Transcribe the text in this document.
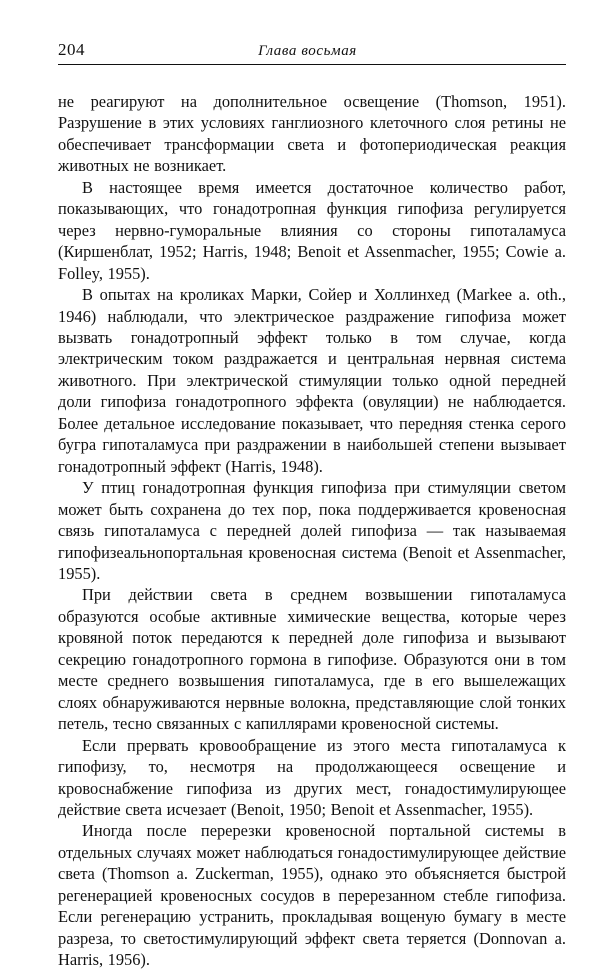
204	Глава восьмая

не реагируют на дополнительное освещение (Thomson, 1951). Разрушение в этих условиях ганглиозного клеточного слоя ретины не обеспечивает трансформации света и фотопериодическая реакция животных не возникает.

В настоящее время имеется достаточное количество работ, показывающих, что гонадотропная функция гипофиза регулируется через нервно-гуморальные влияния со стороны гипоталамуса (Киршенблат, 1952; Harris, 1948; Benoit et Assenmacher, 1955; Cowie a. Folley, 1955).

В опытах на кроликах Марки, Сойер и Холлинхед (Markee a. oth., 1946) наблюдали, что электрическое раздражение гипофиза может вызвать гонадотропный эффект только в том случае, когда электрическим током раздражается и центральная нервная система животного. При электрической стимуляции только одной передней доли гипофиза гонадотропного эффекта (овуляции) не наблюдается. Более детальное исследование показывает, что передняя стенка серого бугра гипоталамуса при раздражении в наибольшей степени вызывает гонадотропный эффект (Harris, 1948).

У птиц гонадотропная функция гипофиза при стимуляции светом может быть сохранена до тех пор, пока поддерживается кровеносная связь гипоталамуса с передней долей гипофиза — так называемая гипофизеальнопортальная кровеносная система (Benoit et Assenmacher, 1955).

При действии света в среднем возвышении гипоталамуса образуются особые активные химические вещества, которые через кровяной поток передаются к передней доле гипофиза и вызывают секрецию гонадотропного гормона в гипофизе. Образуются они в том месте среднего возвышения гипоталамуса, где в его вышележащих слоях обнаруживаются нервные волокна, представляющие слой тонких петель, тесно связанных с капиллярами кровеносной системы.

Если прервать кровообращение из этого места гипоталамуса к гипофизу, то, несмотря на продолжающееся освещение и кровоснабжение гипофиза из других мест, гонадостимулирующее действие света исчезает (Benoit, 1950; Benoit et Assenmacher, 1955).

Иногда после перерезки кровеносной портальной системы в отдельных случаях может наблюдаться гонадостимулирующее действие света (Thomson a. Zuckerman, 1955), однако это объясняется быстрой регенерацией кровеносных сосудов в перерезанном стебле гипофиза. Если регенерацию устранить, прокладывая вощеную бумагу в месте разреза, то светостимулирующий эффект света теряется (Donnovan a. Harris, 1956).
